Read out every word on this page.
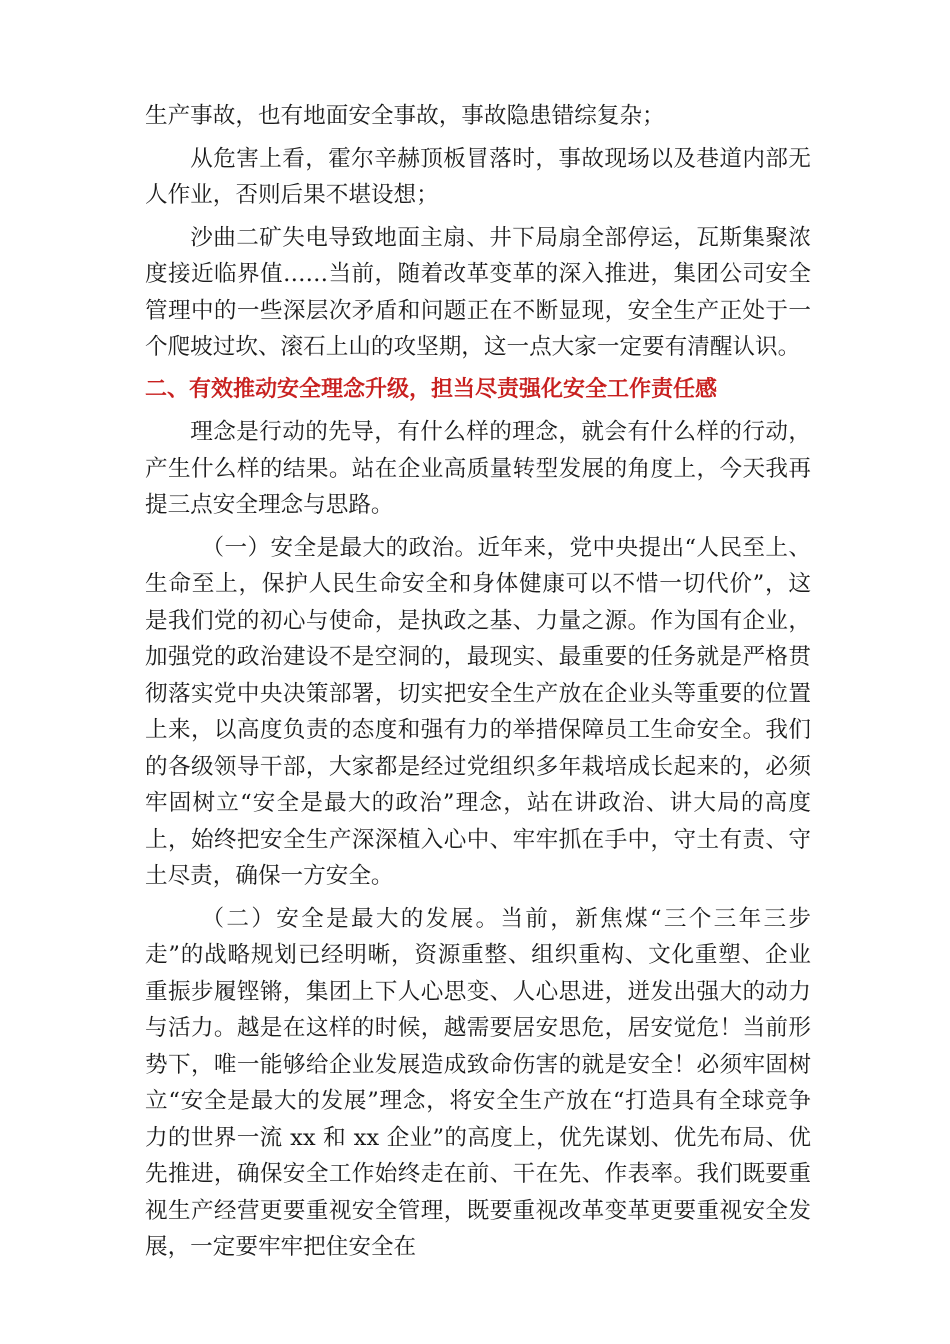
生产事故，也有地面安全事故，事故隐患错综复杂；

从危害上看，霍尔辛赫顶板冒落时，事故现场以及巷道内部无人作业，否则后果不堪设想；

沙曲二矿失电导致地面主扇、井下局扇全部停运，瓦斯集聚浓度接近临界值……当前，随着改革变革的深入推进，集团公司安全管理中的一些深层次矛盾和问题正在不断显现，安全生产正处于一个爬坡过坎、滚石上山的攻坚期，这一点大家一定要有清醒认识。

二、有效推动安全理念升级，担当尽责强化安全工作责任感

理念是行动的先导，有什么样的理念，就会有什么样的行动，产生什么样的结果。站在企业高质量转型发展的角度上，今天我再提三点安全理念与思路。

（一）安全是最大的政治。近年来，党中央提出“人民至上、生命至上，保护人民生命安全和身体健康可以不惜一切代价”，这是我们党的初心与使命，是执政之基、力量之源。作为国有企业，加强党的政治建设不是空洞的，最现实、最重要的任务就是严格贯彻落实党中央决策部署，切实把安全生产放在企业头等重要的位置上来，以高度负责的态度和强有力的举措保障员工生命安全。我们的各级领导干部，大家都是经过党组织多年栽培成长起来的，必须牢固树立“安全是最大的政治”理念，站在讲政治、讲大局的高度上，始终把安全生产深深植入心中、牢牢抓在手中，守土有责、守土尽责，确保一方安全。

（二）安全是最大的发展。当前，新焦煤“三个三年三步走”的战略规划已经明晰，资源重整、组织重构、文化重塑、企业重振步履铿锵，集团上下人心思变、人心思进，迸发出强大的动力与活力。越是在这样的时候，越需要居安思危，居安觉危！当前形势下，唯一能够给企业发展造成致命伤害的就是安全！必须牢固树立“安全是最大的发展”理念，将安全生产放在“打造具有全球竞争力的世界一流 xx 和 xx 企业”的高度上，优先谋划、优先布局、优先推进，确保安全工作始终走在前、干在先、作表率。我们既要重视生产经营更要重视安全管理，既要重视改革变革更要重视安全发展，一定要牢牢把住安全在
